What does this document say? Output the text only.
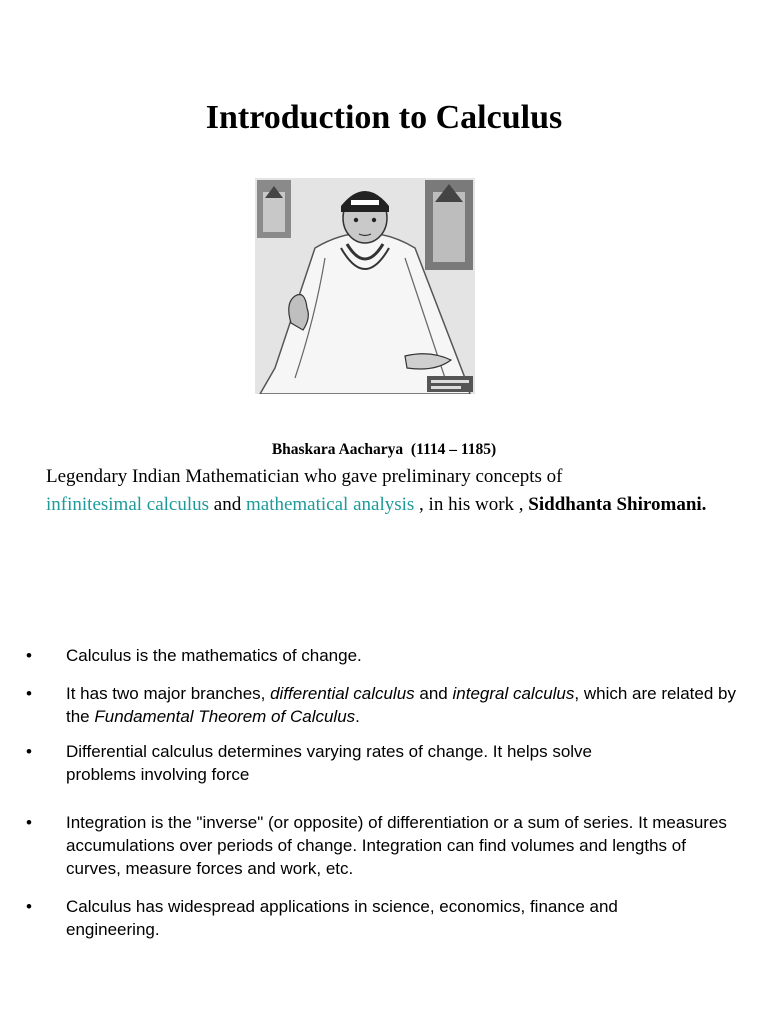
Introduction to Calculus
Bhaskara Aacharya (1114 – 1185)
Legendary Indian Mathematician who gave preliminary concepts of
infinitesimal calculus and mathematical analysis , in his work , Siddhanta Shiromani.
• Calculus is the mathematics of change.
• It has two major branches, differential calculus and integral calculus, which are related by the Fundamental Theorem of Calculus.
• Differential calculus determines varying rates of change. It helps solve problems involving force
• Integration is the "inverse" (or opposite) of differentiation or a sum of series. It measures accumulations over periods of change. Integration can find volumes and lengths of curves, measure forces and work, etc.
• Calculus has widespread applications in science, economics, finance and engineering.
